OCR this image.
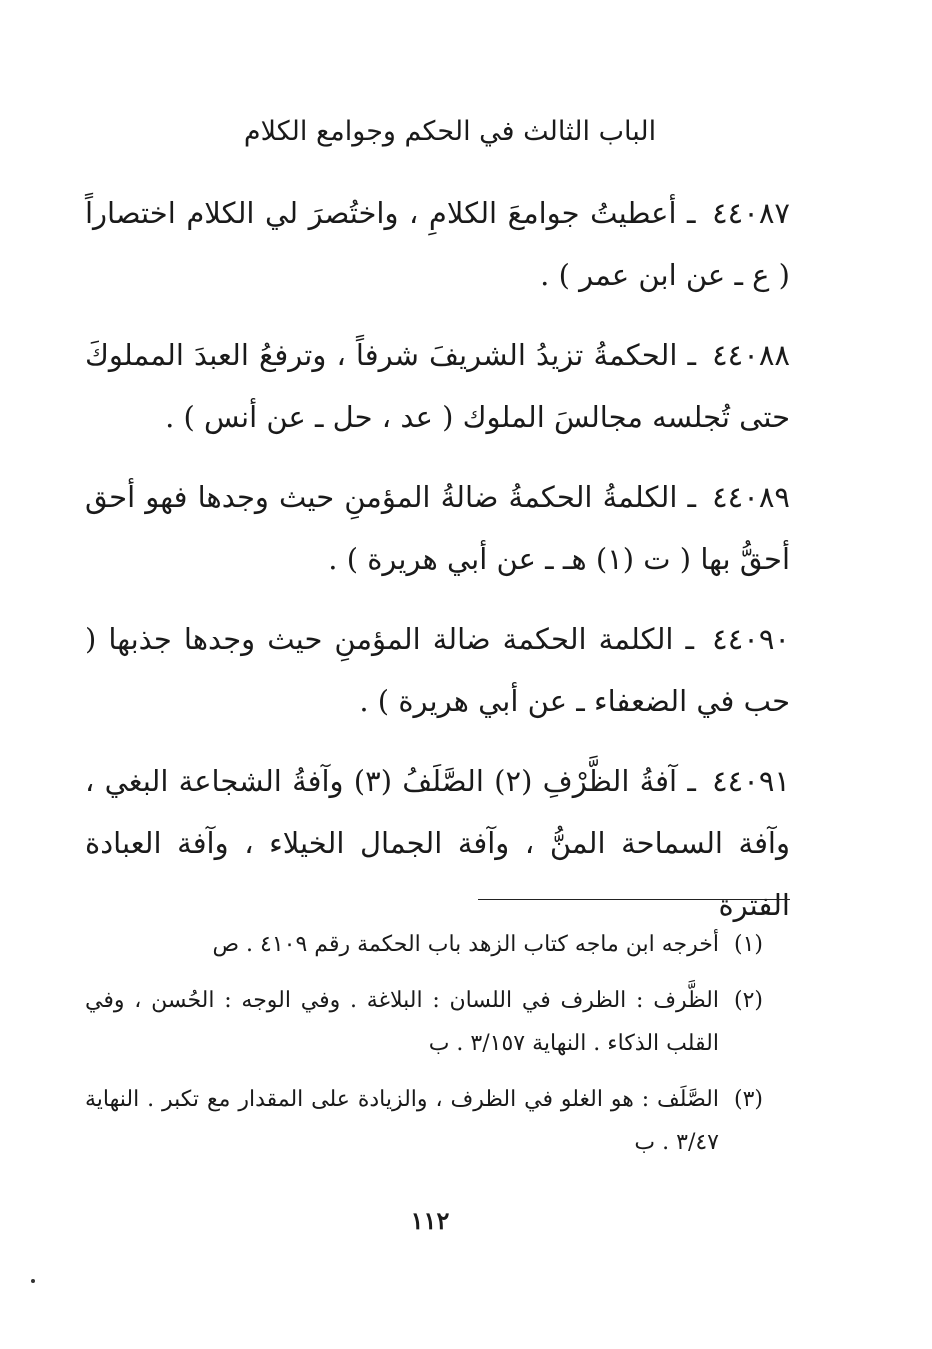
الباب الثالث في الحكم وجوامع الكلام
٤٤٠٨٧ ـ أعطيتُ جوامعَ الكلامِ ، واختُصرَ لي الكلام اختصاراً ( ع ـ عن ابن عمر ) .
٤٤٠٨٨ ـ الحكمةُ تزيدُ الشريفَ شرفاً ، وترفعُ العبدَ المملوكَ حتى تُجلسه مجالسَ الملوك ( عد ، حل ـ عن أنس ) .
٤٤٠٨٩ ـ الكلمةُ الحكمةُ ضالةُ المؤمنِ حيث وجدها فهو أحق أحقُّ بها ( ت (١) هـ ـ عن أبي هريرة ) .
٤٤٠٩٠ ـ الكلمة الحكمة ضالة المؤمنِ حيث وجدها جذبها ( حب في الضعفاء ـ عن أبي هريرة ) .
٤٤٠٩١ ـ آفةُ الظَّرْفِ (٢) الصَّلَفُ (٣) وآفةُ الشجاعة البغي ، وآفة السماحة المنُّ ، وآفة الجمال الخيلاء ، وآفة العبادة الفترة
(١)
أخرجه ابن ماجه كتاب الزهد باب الحكمة رقم ٤١٠٩ . ص
(٢)
الظَّرف : الظرف في اللسان : البلاغة . وفي الوجه : الحُسن ، وفي القلب الذكاء . النهاية ٣/١٥٧ . ب
(٣)
الصَّلَف : هو الغلو في الظرف ، والزيادة على المقدار مع تكبر . النهاية ٣/٤٧ . ب
١١٢
